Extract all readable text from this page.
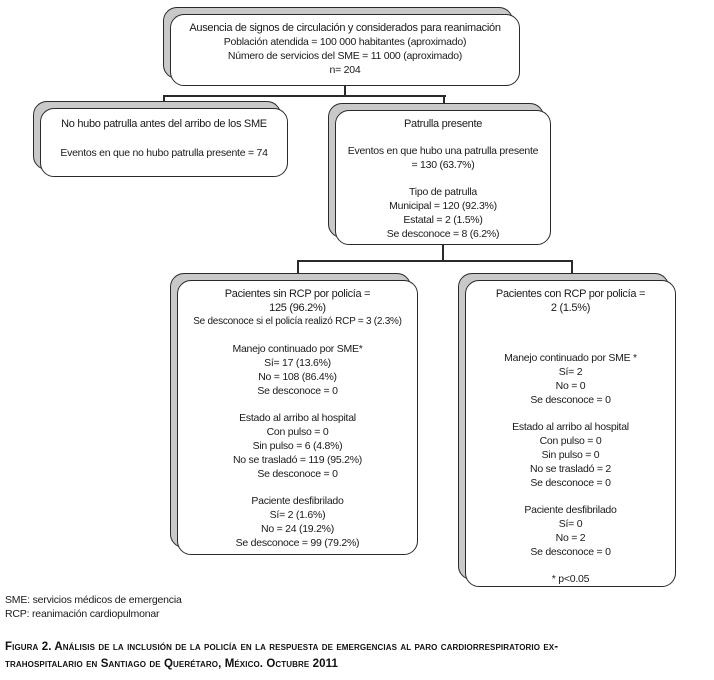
Ausencia de signos de circulación y considerados para reanimación
Población atendida = 100 000 habitantes (aproximado)
Número de servicios del SME = 11 000 (aproximado)
n= 204
No hubo patrulla antes del arribo de los SME
Eventos en que no hubo patrulla presente = 74
Patrulla presente
Eventos en que hubo una patrulla presente
= 130 (63.7%)
Tipo de patrulla
Municipal = 120 (92.3%)
Estatal = 2 (1.5%)
Se desconoce = 8 (6.2%)
Pacientes sin RCP por policía =
125 (96.2%)
Se desconoce si el policía realizó RCP = 3 (2.3%)
Manejo continuado por SME*
Sí= 17 (13.6%)
No = 108 (86.4%)
Se desconoce = 0
Estado al arribo al hospital
Con pulso = 0
Sin pulso = 6 (4.8%)
No se trasladó = 119 (95.2%)
Se desconoce = 0
Paciente desfibrilado
Sí= 2 (1.6%)
No = 24 (19.2%)
Se desconoce = 99 (79.2%)
Pacientes con RCP por policía =
2 (1.5%)
Manejo continuado por SME *
Sí= 2
No = 0
Se desconoce = 0
Estado al arribo al hospital
Con pulso = 0
Sin pulso = 0
No se trasladó = 2
Se desconoce = 0
Paciente desfibrilado
Sí= 0
No = 2
Se desconoce = 0
* p<0.05
SME: servicios médicos de emergencia
RCP: reanimación cardiopulmonar
Figura 2. Análisis de la inclusión de la policía en la respuesta de emergencias al paro cardiorrespiratorio ex-
trahospitalario en Santiago de Querétaro, México. Octubre 2011
